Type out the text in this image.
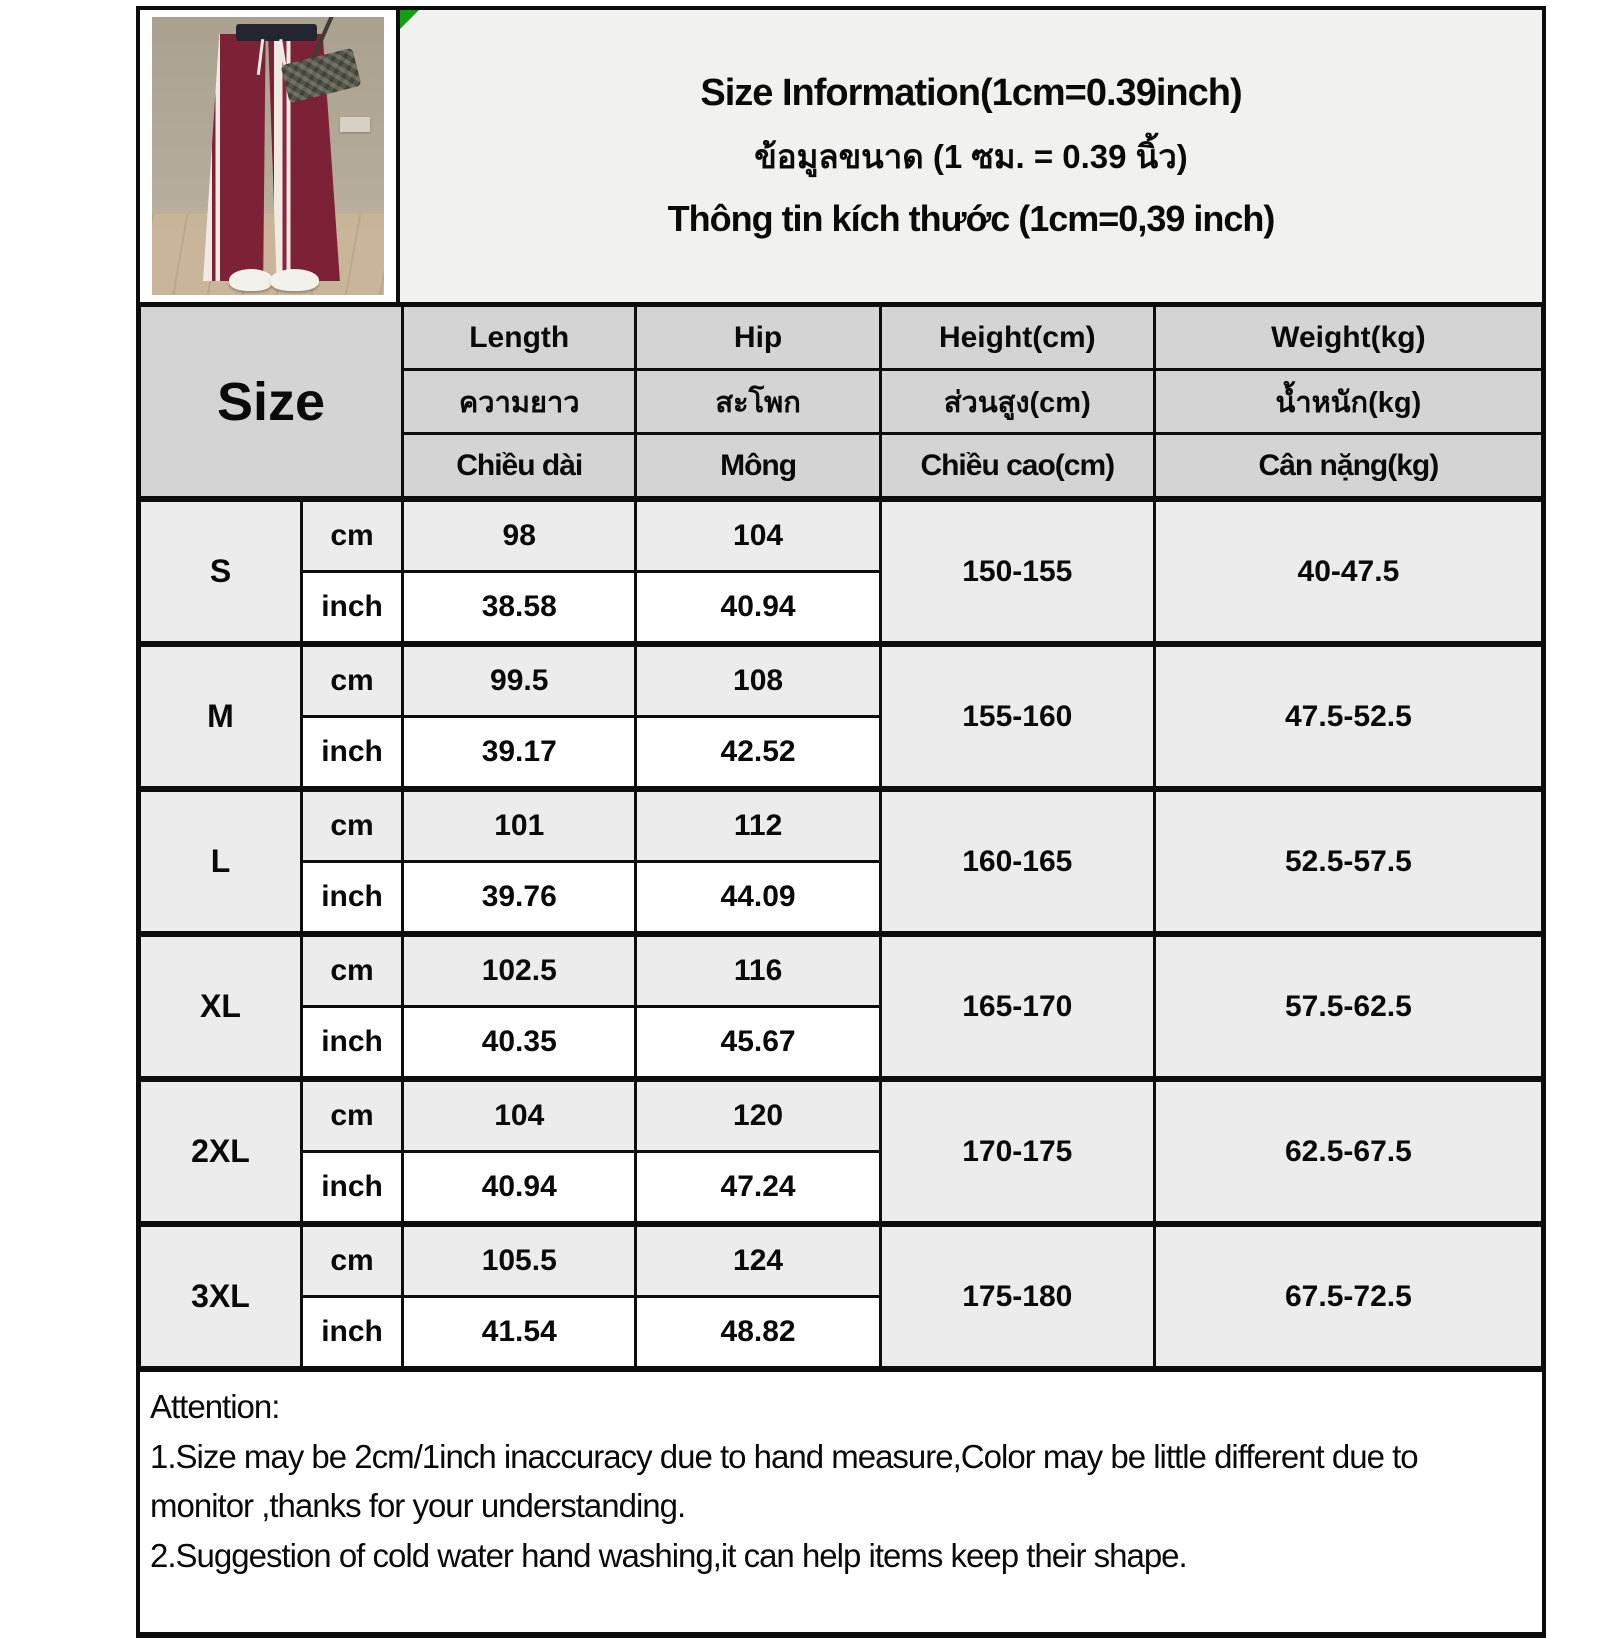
Size Information(1cm=0.39inch)
ข้อมูลขนาด (1 ซม. = 0.39 นิ้ว)
Thông tin kích thước (1cm=0,39 inch)
Size		Length	Hip	Height(cm)	Weight(kg)
		ความยาว	สะโพก	ส่วนสูง(cm)	น้ำหนัก(kg)
		Chiều dài	Mông	Chiều cao(cm)	Cân nặng(kg)
S	cm	98	104	150-155	40-47.5
	inch	38.58	40.94		
M	cm	99.5	108	155-160	47.5-52.5
	inch	39.17	42.52		
L	cm	101	112	160-165	52.5-57.5
	inch	39.76	44.09		
XL	cm	102.5	116	165-170	57.5-62.5
	inch	40.35	45.67		
2XL	cm	104	120	170-175	62.5-67.5
	inch	40.94	47.24		
3XL	cm	105.5	124	175-180	67.5-72.5
	inch	41.54	48.82		
Attention:
1.Size may be 2cm/1inch inaccuracy due to hand measure,Color may be little different due to monitor ,thanks for your understanding.
2.Suggestion of cold water hand washing,it can help items keep their shape.
